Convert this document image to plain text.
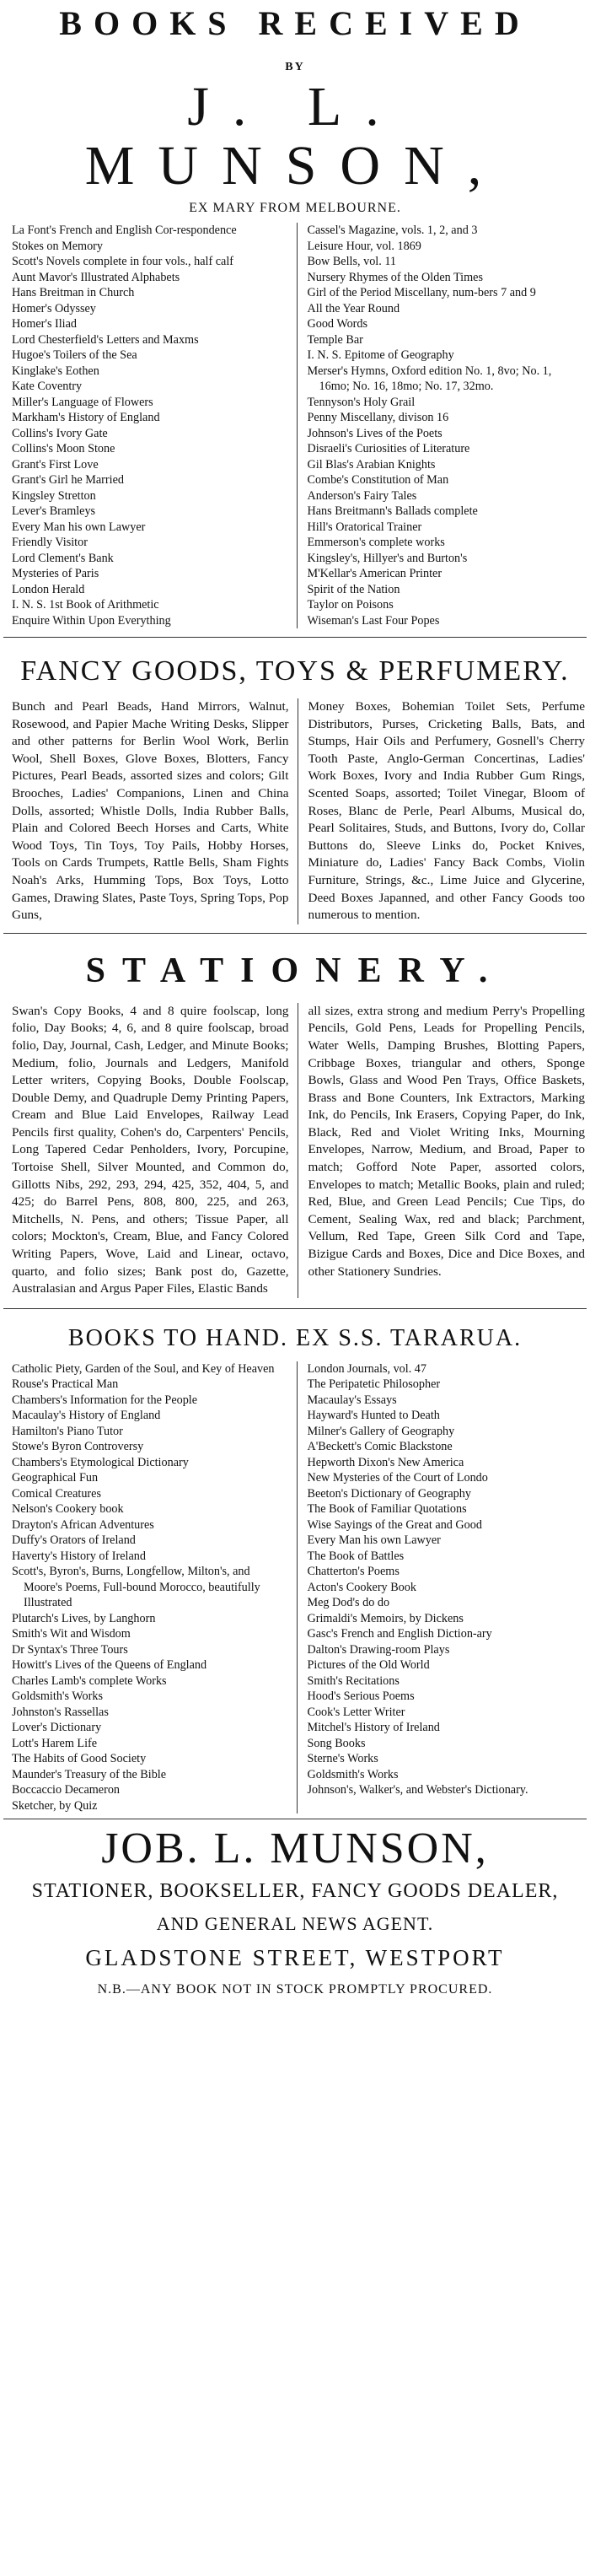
BOOKS RECEIVED
BY
J. L. MUNSON,
EX MARY FROM MELBOURNE.
La Font's French and English Cor-respondence
Stokes on Memory
Scott's Novels complete in four vols., half calf
Aunt Mavor's Illustrated Alphabets
Hans Breitman in Church
Homer's Odyssey
Homer's Iliad
Lord Chesterfield's Letters and Maxms
Hugoe's Toilers of the Sea
Kinglake's Eothen
Kate Coventry
Miller's Language of Flowers
Markham's History of England
Collins's Ivory Gate
Collins's Moon Stone
Grant's First Love
Grant's Girl he Married
Kingsley Stretton
Lever's Bramleys
Every Man his own Lawyer
Friendly Visitor
Lord Clement's Bank
Mysteries of Paris
London Herald
I. N. S. 1st Book of Arithmetic
Enquire Within Upon Everything
Cassel's Magazine, vols. 1, 2, and 3
Leisure Hour, vol. 1869
Bow Bells, vol. 11
Nursery Rhymes of the Olden Times
Girl of the Period Miscellany, num-bers 7 and 9
All the Year Round
Good Words
Temple Bar
I. N. S. Epitome of Geography
Merser's Hymns, Oxford edition No. 1, 8vo; No. 1, 16mo; No. 16, 18mo; No. 17, 32mo.
Tennyson's Holy Grail
Penny Miscellany, divison 16
Johnson's Lives of the Poets
Disraeli's Curiosities of Literature
Gil Blas's Arabian Knights
Combe's Constitution of Man
Anderson's Fairy Tales
Hans Breitmann's Ballads complete
Hill's Oratorical Trainer
Emmerson's complete works
Kingsley's, Hillyer's and Burton's
M'Kellar's American Printer
Spirit of the Nation
Taylor on Poisons
Wiseman's Last Four Popes
FANCY GOODS, TOYS & PERFUMERY.
Bunch and Pearl Beads, Hand Mirrors, Walnut, Rosewood, and Papier Mache Writing Desks, Slipper and other patterns for Berlin Wool Work, Berlin Wool, Shell Boxes, Glove Boxes, Blotters, Fancy Pictures, Pearl Beads, assorted sizes and colors; Gilt Brooches, Ladies' Companions, Linen and China Dolls, assorted; Whistle Dolls, India Rubber Balls, Plain and Colored Beech Horses and Carts, White Wood Toys, Tin Toys, Toy Pails, Hobby Horses, Tools on Cards Trumpets, Rattle Bells, Sham Fights Noah's Arks, Humming Tops, Box Toys, Lotto Games, Drawing Slates, Paste Toys, Spring Tops, Pop Guns,
Money Boxes, Bohemian Toilet Sets, Perfume Distributors, Purses, Cricketing Balls, Bats, and Stumps, Hair Oils and Perfumery, Gosnell's Cherry Tooth Paste, Anglo-German Concertinas, Ladies' Work Boxes, Ivory and India Rubber Gum Rings, Scented Soaps, assorted; Toilet Vinegar, Bloom of Roses, Blanc de Perle, Pearl Albums, Musical do, Pearl Solitaires, Studs, and Buttons, Ivory do, Collar Buttons do, Sleeve Links do, Pocket Knives, Miniature do, Ladies' Fancy Back Combs, Violin Furniture, Strings, &c., Lime Juice and Glycerine, Deed Boxes Japanned, and other Fancy Goods too numerous to mention.
STATIONERY.
Swan's Copy Books, 4 and 8 quire foolscap, long folio, Day Books; 4, 6, and 8 quire foolscap, broad folio, Day, Journal, Cash, Ledger, and Minute Books; Medium, folio, Journals and Ledgers, Manifold Letter writers, Copying Books, Double Foolscap, Double Demy, and Quadruple Demy Printing Papers, Cream and Blue Laid Envelopes, Railway Lead Pencils first quality, Cohen's do, Carpenters' Pencils, Long Tapered Cedar Penholders, Ivory, Porcupine, Tortoise Shell, Silver Mounted, and Common do, Gillotts Nibs, 292, 293, 294, 425, 352, 404, 5, and 425; do Barrel Pens, 808, 800, 225, and 263, Mitchells, N. Pens, and others; Tissue Paper, all colors; Mockton's, Cream, Blue, and Fancy Colored Writing Papers, Wove, Laid and Linear, octavo, quarto, and folio sizes; Bank post do, Gazette, Australasian and Argus Paper Files, Elastic Bands
all sizes, extra strong and medium Perry's Propelling Pencils, Gold Pens, Leads for Propelling Pencils, Water Wells, Damping Brushes, Blotting Papers, Cribbage Boxes, triangular and others, Sponge Bowls, Glass and Wood Pen Trays, Office Baskets, Brass and Bone Counters, Ink Extractors, Marking Ink, do Pencils, Ink Erasers, Copying Paper, do Ink, Black, Red and Violet Writing Inks, Mourning Envelopes, Narrow, Medium, and Broad, Paper to match; Gofford Note Paper, assorted colors, Envelopes to match; Metallic Books, plain and ruled; Red, Blue, and Green Lead Pencils; Cue Tips, do Cement, Sealing Wax, red and black; Parchment, Vellum, Red Tape, Green Silk Cord and Tape, Bizigue Cards and Boxes, Dice and Dice Boxes, and other Stationery Sundries.
BOOKS TO HAND. EX S.S. TARARUA.
Catholic Piety, Garden of the Soul, and Key of Heaven
Rouse's Practical Man
Chambers's Information for the People
Macaulay's History of England
Hamilton's Piano Tutor
Stowe's Byron Controversy
Chambers's Etymological Dictionary
Geographical Fun
Comical Creatures
Nelson's Cookery book
Drayton's African Adventures
Duffy's Orators of Ireland
Haverty's History of Ireland
Scott's, Byron's, Burns, Longfellow, Milton's, and Moore's Poems, Full-bound Morocco, beautifully Illustrated
Plutarch's Lives, by Langhorn
Smith's Wit and Wisdom
Dr Syntax's Three Tours
Howitt's Lives of the Queens of England
Charles Lamb's complete Works
Goldsmith's Works
Johnston's Rassellas
Lover's Dictionary
Lott's Harem Life
The Habits of Good Society
Maunder's Treasury of the Bible
Boccaccio Decameron
Sketcher, by Quiz
London Journals, vol. 47
The Peripatetic Philosopher
Macaulay's Essays
Hayward's Hunted to Death
Milner's Gallery of Geography
A'Beckett's Comic Blackstone
Hepworth Dixon's New America
New Mysteries of the Court of Londo
Beeton's Dictionary of Geography
The Book of Familiar Quotations
Wise Sayings of the Great and Good
Every Man his own Lawyer
The Book of Battles
Chatterton's Poems
Acton's Cookery Book
Meg Dod's do do
Grimaldi's Memoirs, by Dickens
Gasc's French and English Diction-ary
Dalton's Drawing-room Plays
Pictures of the Old World
Smith's Recitations
Hood's Serious Poems
Cook's Letter Writer
Mitchel's History of Ireland
Song Books
Sterne's Works
Goldsmith's Works
Johnson's, Walker's, and Webster's Dictionary.
JOB. L. MUNSON,
STATIONER, BOOKSELLER, FANCY GOODS DEALER,
AND GENERAL NEWS AGENT.
GLADSTONE STREET, WESTPORT
N.B.—ANY BOOK NOT IN STOCK PROMPTLY PROCURED.
